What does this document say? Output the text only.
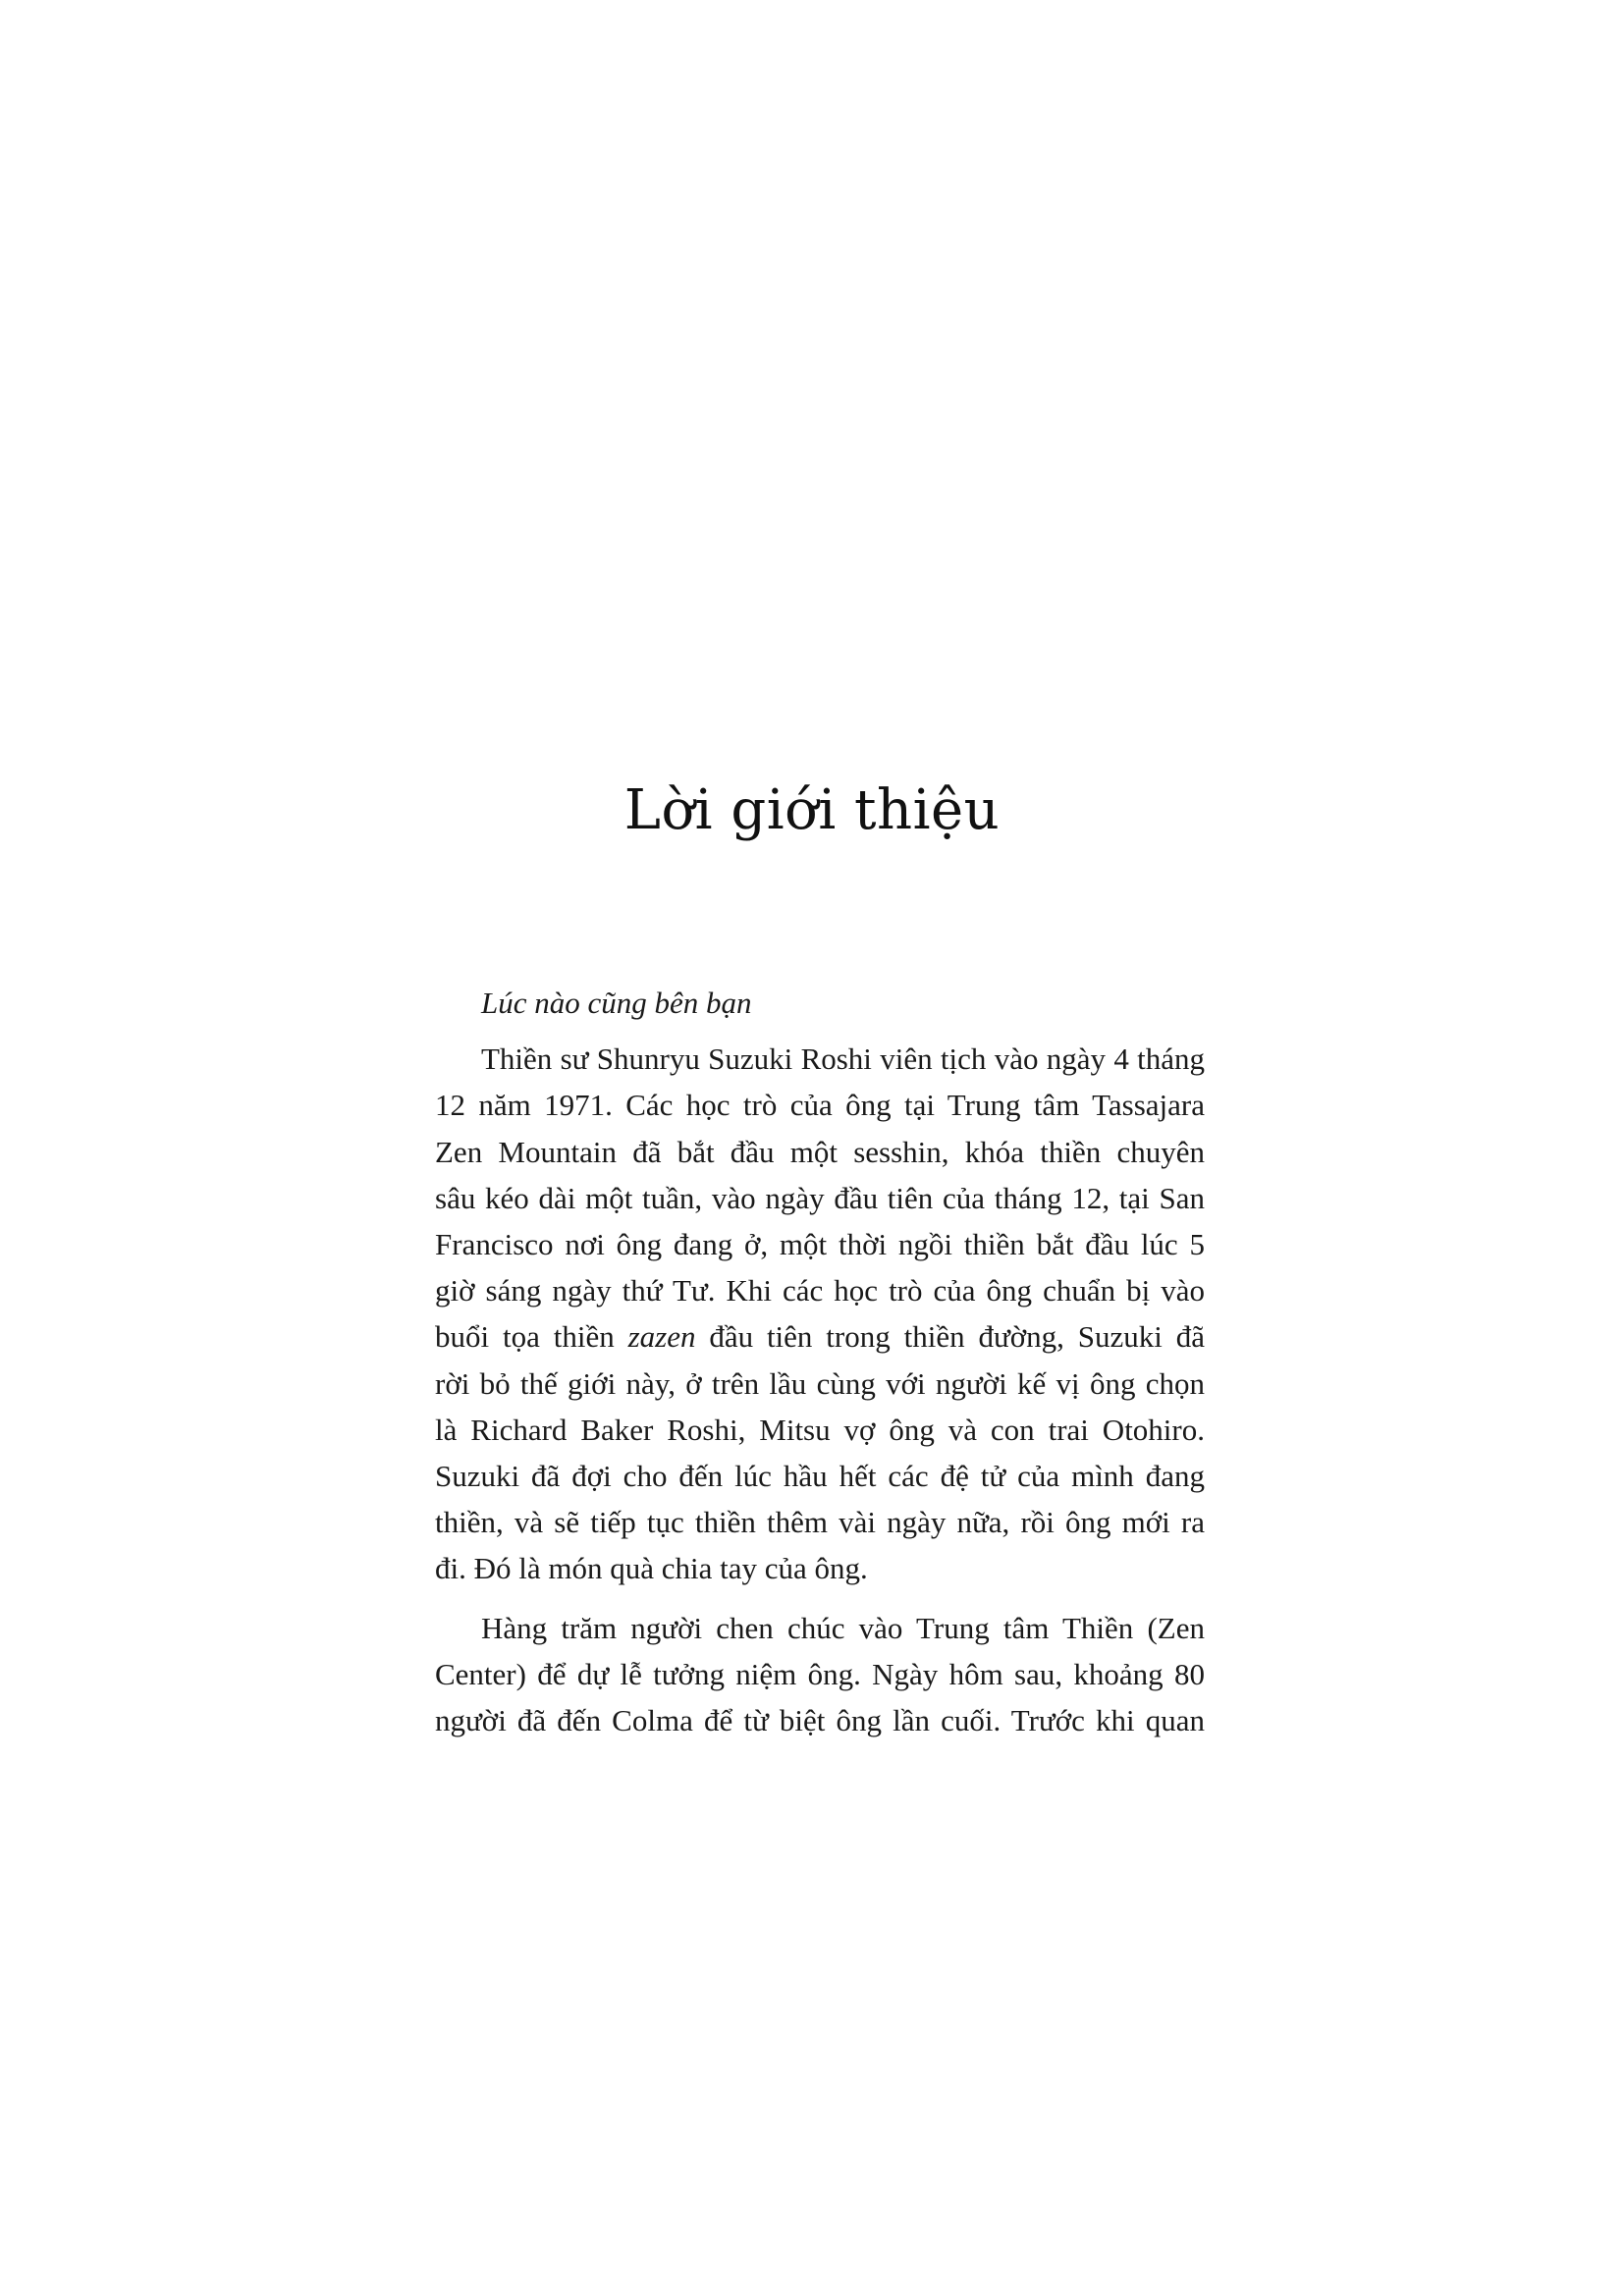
Lời giới thiệu

Lúc nào cũng bên bạn

Thiền sư Shunryu Suzuki Roshi viên tịch vào ngày 4 tháng
12 năm 1971. Các học trò của ông tại Trung tâm Tassajara
Zen Mountain đã bắt đầu một sesshin, khóa thiền chuyên
sâu kéo dài một tuần, vào ngày đầu tiên của tháng 12, tại San
Francisco nơi ông đang ở, một thời ngồi thiền bắt đầu lúc 5
giờ sáng ngày thứ Tư. Khi các học trò của ông chuẩn bị vào
buổi tọa thiền zazen đầu tiên trong thiền đường, Suzuki đã
rời bỏ thế giới này, ở trên lầu cùng với người kế vị ông chọn
là Richard Baker Roshi, Mitsu vợ ông và con trai Otohiro.
Suzuki đã đợi cho đến lúc hầu hết các đệ tử của mình đang
thiền, và sẽ tiếp tục thiền thêm vài ngày nữa, rồi ông mới ra
đi. Đó là món quà chia tay của ông.

Hàng trăm người chen chúc vào Trung tâm Thiền (Zen
Center) để dự lễ tưởng niệm ông. Ngày hôm sau, khoảng 80
người đã đến Colma để từ biệt ông lần cuối. Trước khi quan
